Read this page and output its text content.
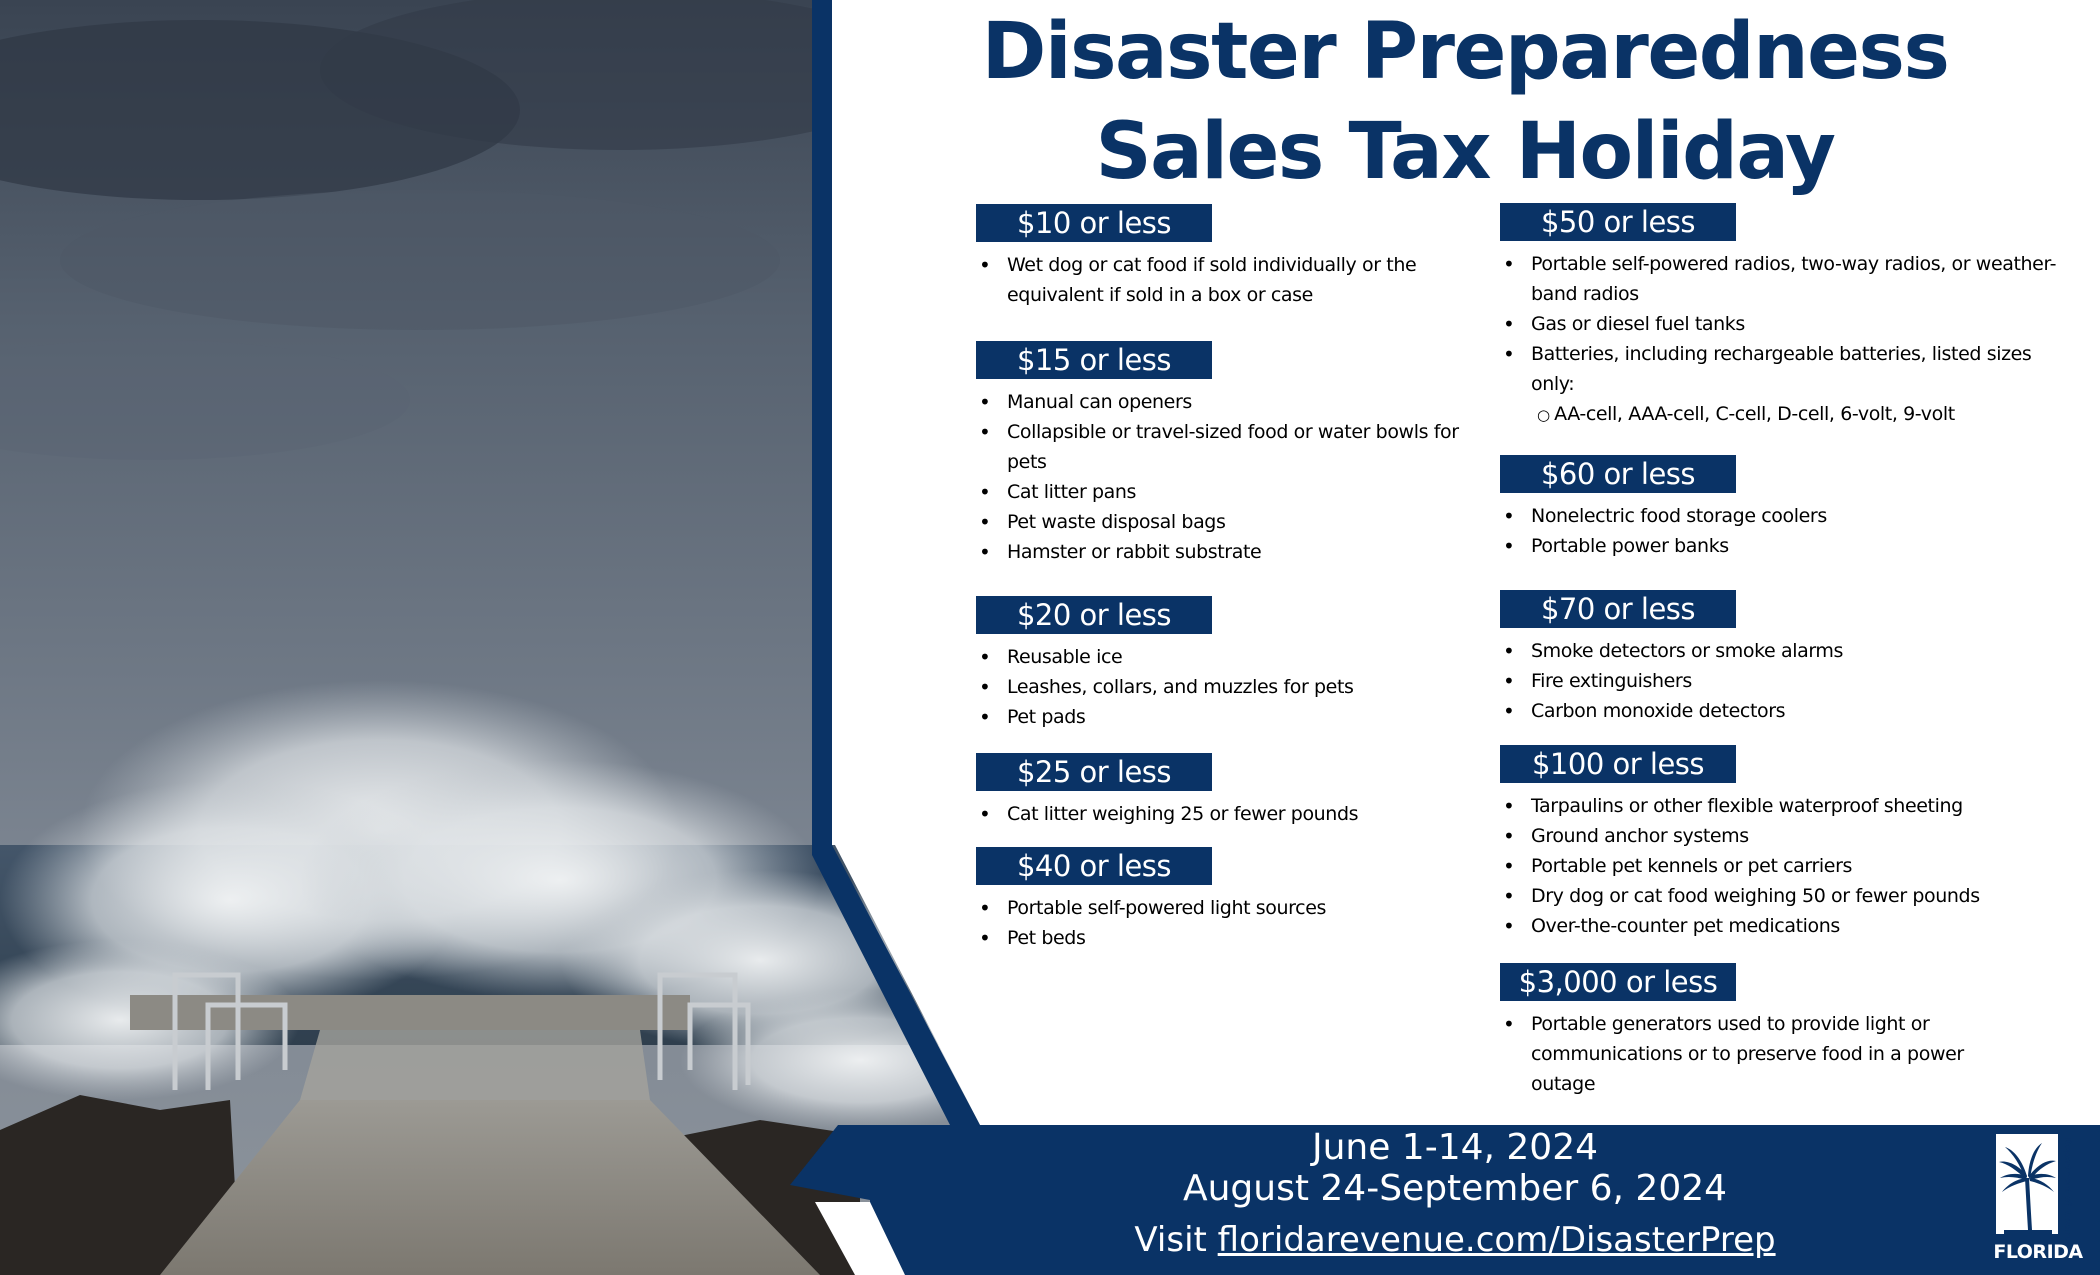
Disaster Preparedness
Sales Tax Holiday
$10 or less
• Wet dog or cat food if sold individually or the equivalent if sold in a box or case
$15 or less
• Manual can openers
• Collapsible or travel-sized food or water bowls for pets
• Cat litter pans
• Pet waste disposal bags
• Hamster or rabbit substrate
$20 or less
• Reusable ice
• Leashes, collars, and muzzles for pets
• Pet pads
$25 or less
• Cat litter weighing 25 or fewer pounds
$40 or less
• Portable self-powered light sources
• Pet beds
$50 or less
• Portable self-powered radios, two-way radios, or weather-band radios
• Gas or diesel fuel tanks
• Batteries, including rechargeable batteries, listed sizes only:
○ AA-cell, AAA-cell, C-cell, D-cell, 6-volt, 9-volt
$60 or less
• Nonelectric food storage coolers
• Portable power banks
$70 or less
• Smoke detectors or smoke alarms
• Fire extinguishers
• Carbon monoxide detectors
$100 or less
• Tarpaulins or other flexible waterproof sheeting
• Ground anchor systems
• Portable pet kennels or pet carriers
• Dry dog or cat food weighing 50 or fewer pounds
• Over-the-counter pet medications
$3,000 or less
• Portable generators used to provide light or communications or to preserve food in a power outage
June 1-14, 2024
August 24-September 6, 2024
Visit floridarevenue.com/DisasterPrep	Department of Revenue
FLORIDA
